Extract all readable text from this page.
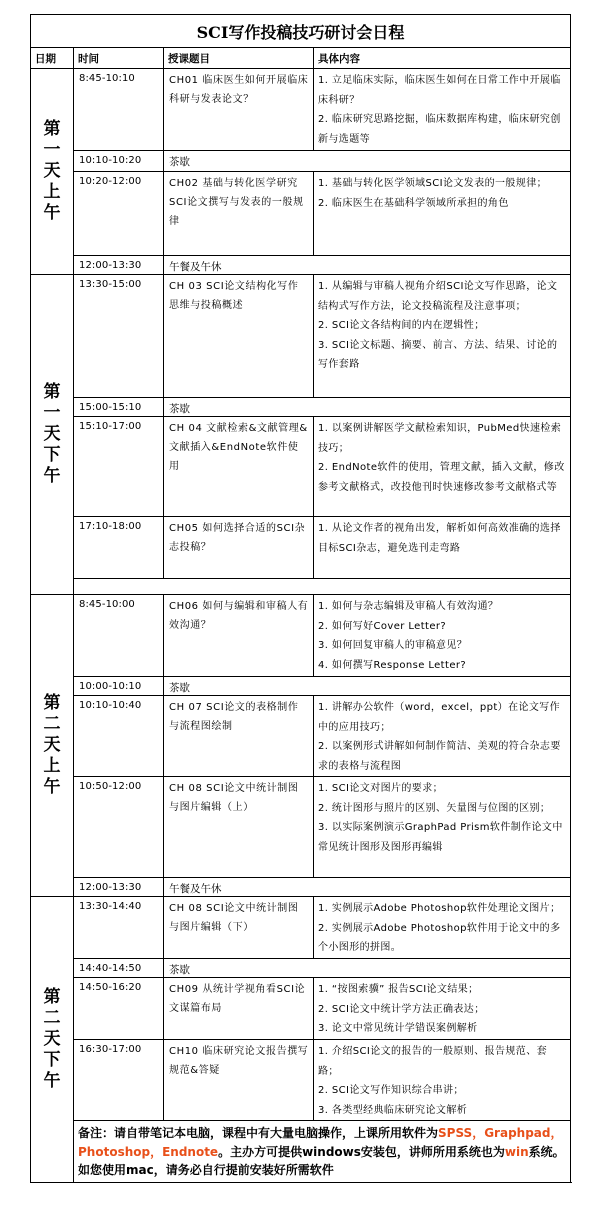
SCI写作投稿技巧研讨会日程			
日期	时间	授课题目	具体内容

第
一
天
上
午	8:45-10:10	CH01 临床医生如何开展临床科研与发表论文？	1. 立足临床实际，临床医生如何在日常工作中开展临床科研？
2. 临床研究思路挖掘，临床数据库构建，临床研究创新与选题等

	10:10-10:20	茶歇	
	10:20-12:00	CH02 基础与转化医学研究SCI论文撰写与发表的一般规律	1. 基础与转化医学领域SCI论文发表的一般规律；
2. 临床医生在基础科学领域所承担的角色

	12:00-13:30	午餐及午休	

第
一
天
下
午	13:30-15:00	CH 03 SCI论文结构化写作思维与投稿概述	1. 从编辑与审稿人视角介绍SCI论文写作思路，论文结构式写作方法，论文投稿流程及注意事项；
2. SCI论文各结构间的内在逻辑性；
3. SCI论文标题、摘要、前言、方法、结果、讨论的写作套路

	15:00-15:10	茶歇	
	15:10-17:00	CH 04 文献检索&文献管理&文献插入&EndNote软件使用	1. 以案例讲解医学文献检索知识，PubMed快速检索技巧；
2. EndNote软件的使用，管理文献，插入文献，修改参考文献格式，改投他刊时快速修改参考文献格式等

	17:10-18:00	CH05 如何选择合适的SCI杂志投稿？	1. 从论文作者的视角出发，解析如何高效准确的选择目标SCI杂志，避免选刊走弯路

第
二
天
上
午	8:45-10:00	CH06 如何与编辑和审稿人有效沟通？	1. 如何与杂志编辑及审稿人有效沟通？
2. 如何写好Cover Letter?
3. 如何回复审稿人的审稿意见？
4. 如何撰写Response Letter?

	10:00-10:10	茶歇	
	10:10-10:40	CH 07 SCI论文的表格制作与流程图绘制	1. 讲解办公软件（word，excel，ppt）在论文写作中的应用技巧；
2. 以案例形式讲解如何制作简洁、美观的符合杂志要求的表格与流程图

	10:50-12:00	CH 08 SCI论文中统计制图与图片编辑（上）	1. SCI论文对图片的要求；
2. 统计图形与照片的区别、矢量图与位图的区别；
3. 以实际案例演示GraphPad Prism软件制作论文中常见统计图形及图形再编辑

	12:00-13:30	午餐及午休	

第
二
天
下
午	13:30-14:40	CH 08 SCI论文中统计制图与图片编辑（下）	1. 实例展示Adobe Photoshop软件处理论文图片；
2. 实例展示Adobe Photoshop软件用于论文中的多个小图形的拼图。

	14:40-14:50	茶歇	
	14:50-16:20	CH09 从统计学视角看SCI论文谋篇布局	1. “按图索骥” 报告SCI论文结果；
2. SCI论文中统计学方法正确表达；
3. 论文中常见统计学错误案例解析

	16:30-17:00	CH10 临床研究论文报告撰写规范&答疑	1. 介绍SCI论文的报告的一般原则、报告规范、套路；
2. SCI论文写作知识综合串讲；
3. 各类型经典临床研究论文解析

	备注：请自带笔记本电脑，课程中有大量电脑操作，上课所用软件为SPSS，Graphpad，Photoshop，Endnote。主办方可提供windows安装包，讲师所用系统也为win系统。如您使用mac，请务必自行提前安装好所需软件		
